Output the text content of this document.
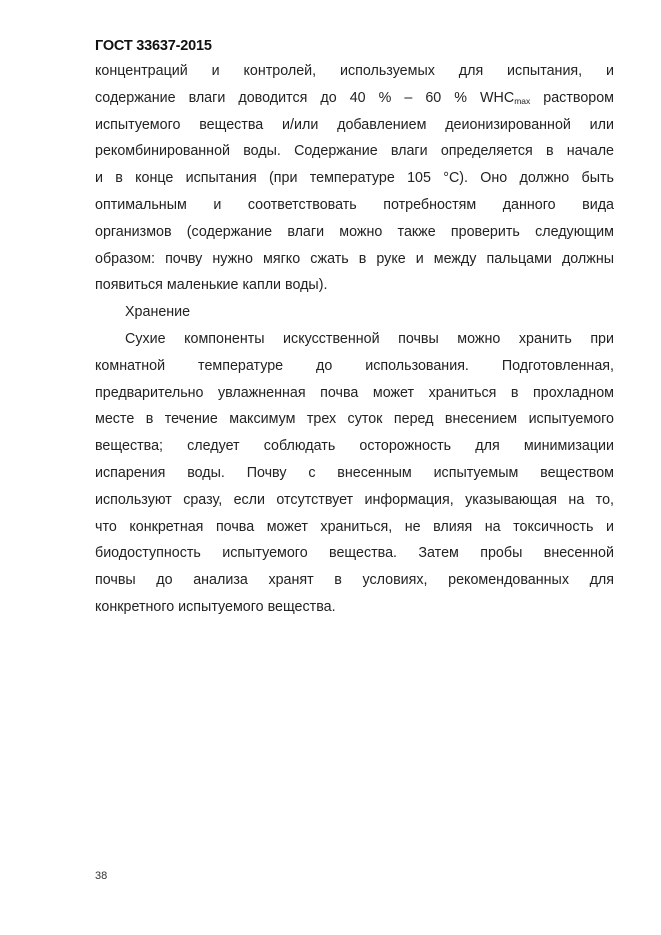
ГОСТ 33637-2015
концентраций и контролей, используемых для испытания, и
содержание влаги доводится до 40 % – 60 % $WHC_{max}$ раствором
испытуемого вещества и/или добавлением деионизированной или
рекомбинированной воды. Содержание влаги определяется в начале
и в конце испытания (при температуре 105 °С). Оно должно быть
оптимальным и соответствовать потребностям данного вида
организмов (содержание влаги можно также проверить следующим
образом: почву нужно мягко сжать в руке и между пальцами должны
появиться маленькие капли воды).
Хранение
Сухие компоненты искусственной почвы можно хранить при
комнатной температуре до использования. Подготовленная,
предварительно увлажненная почва может храниться в прохладном
месте в течение максимум трех суток перед внесением испытуемого
вещества; следует соблюдать осторожность для минимизации
испарения воды. Почву с внесенным испытуемым веществом
используют сразу, если отсутствует информация, указывающая на то,
что конкретная почва может храниться, не влияя на токсичность и
биодоступность испытуемого вещества. Затем пробы внесенной
почвы до анализа хранят в условиях, рекомендованных для
конкретного испытуемого вещества.
38
